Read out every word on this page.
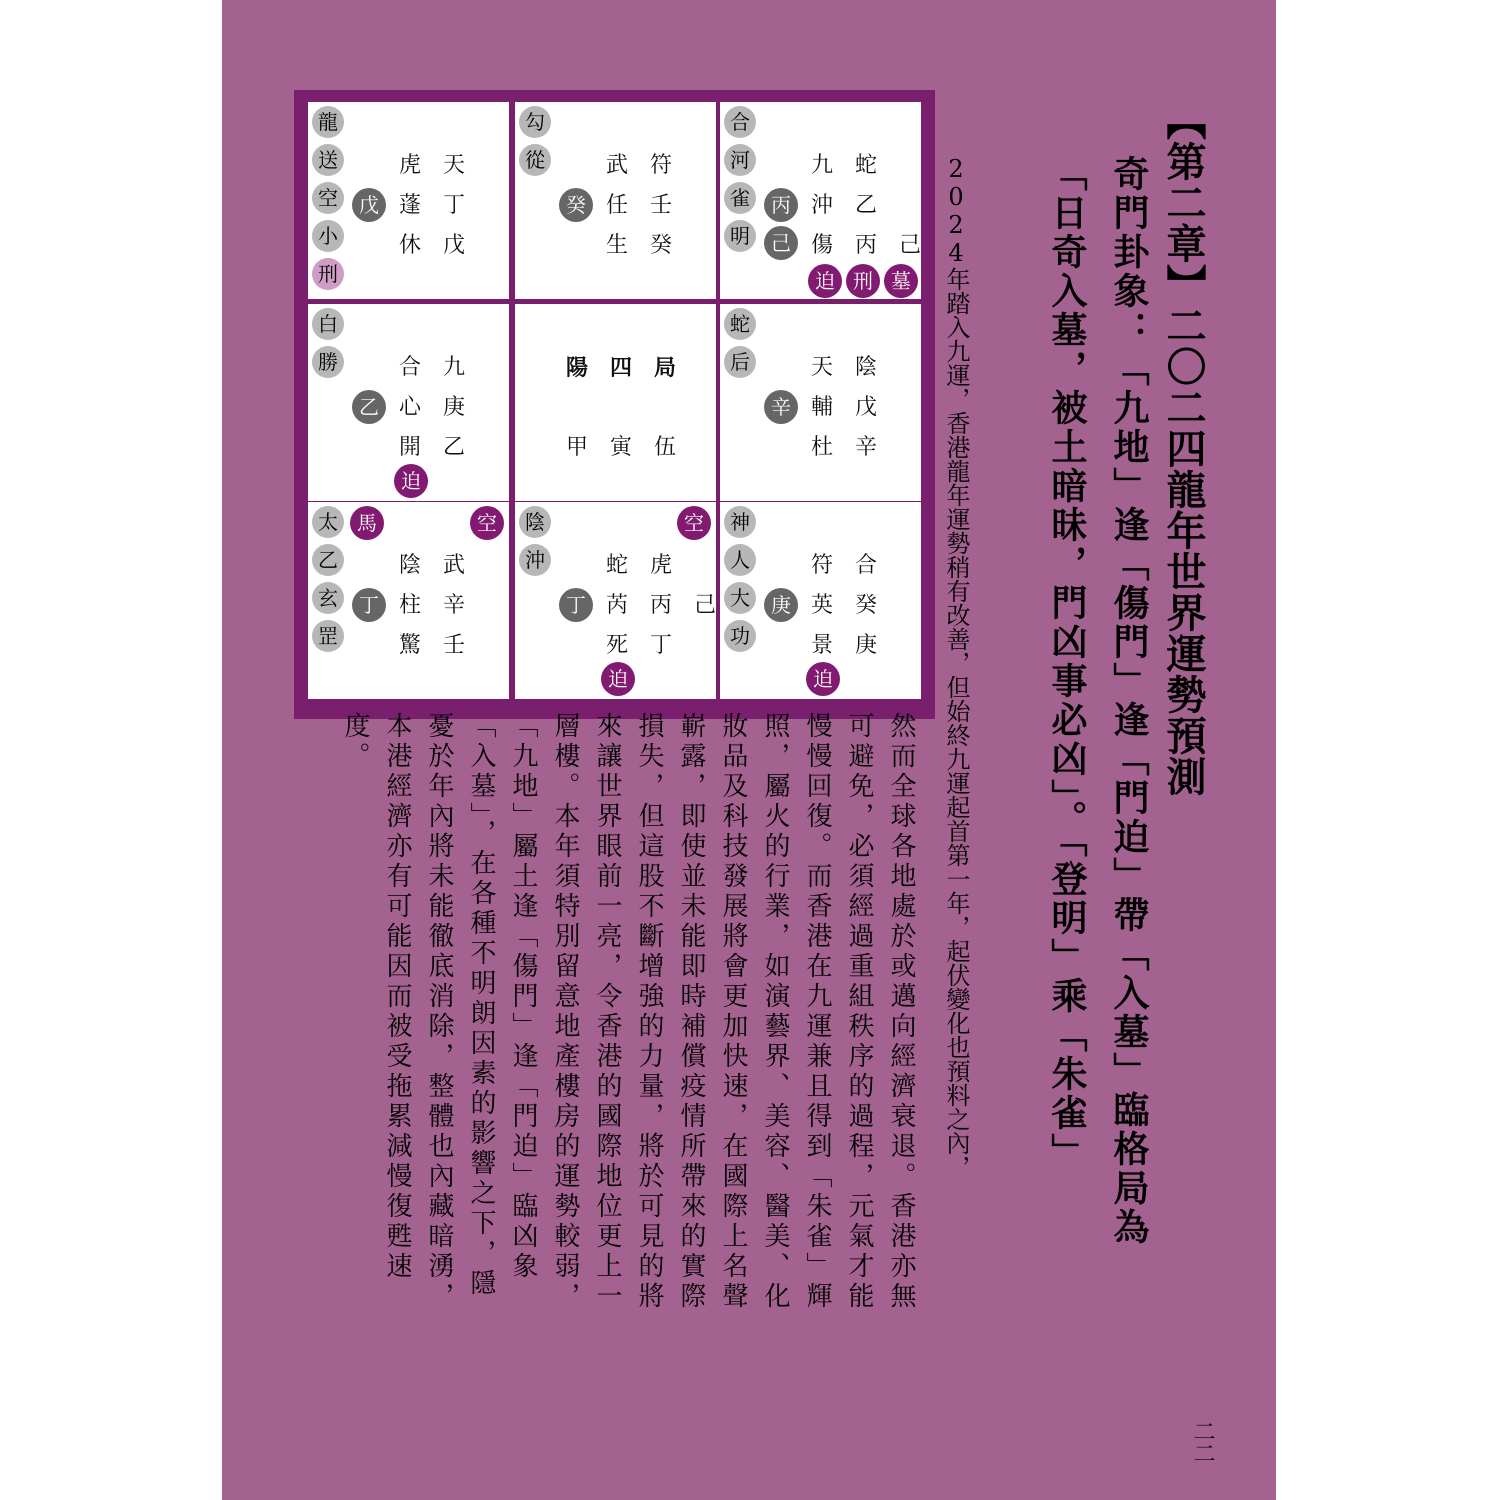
【第二章】二〇二四龍年世界運勢預測
奇門卦象：「九地」逢「傷門」逢「門迫」帶「入墓」臨格局為「日奇入墓，被土暗昧，門凶事必凶」。「登明」乘「朱雀」
2024年踏入九運，香港龍年運勢稍有改善，但始終九運起首第一年，起伏變化也預料之內，
龍
送
空
小
刑
戊
虎
蓬
休
天
丁
戊
勾
從
癸
武
任
生
符
壬
癸
合
河
雀
明
丙
己
九
沖
傷
蛇
乙
丙 己
迫 刑 墓
白
勝
乙
合
心
開
九
庚
乙
迫
陽
甲
四
寅
局
伍
蛇
后
辛
天
輔
杜
陰
戊
辛
太
乙
玄
罡
馬	空
丁
陰
柱
驚
武
辛
壬
陰
沖
空
丁
蛇
芮
死
虎
丙
丁
己
迫
神
人
大
功
庚
符
英
景
合
癸
庚
迫
然而全球各地處於或邁向經濟衰退。香港亦無可避免，必須經過重組秩序的過程，元氣才能慢慢回復。而香港在九運兼且得到「朱雀」輝照，屬火的行業，如演藝界、美容、醫美、化妝品及科技發展將會更加快速，在國際上名聲嶄露，即使並未能即時補償疫情所帶來的實際損失，但這股不斷增強的力量，將於可見的將來讓世界眼前一亮，令香港的國際地位更上一層樓。本年須特別留意地產樓房的運勢較弱，「九地」屬土逢「傷門」逢「門迫」臨凶象「入墓」，在各種不明朗因素的影響之下，隱憂於年內將未能徹底消除，整體也內藏暗湧，本港經濟亦有可能因而被受拖累減慢復甦速度。
二二
